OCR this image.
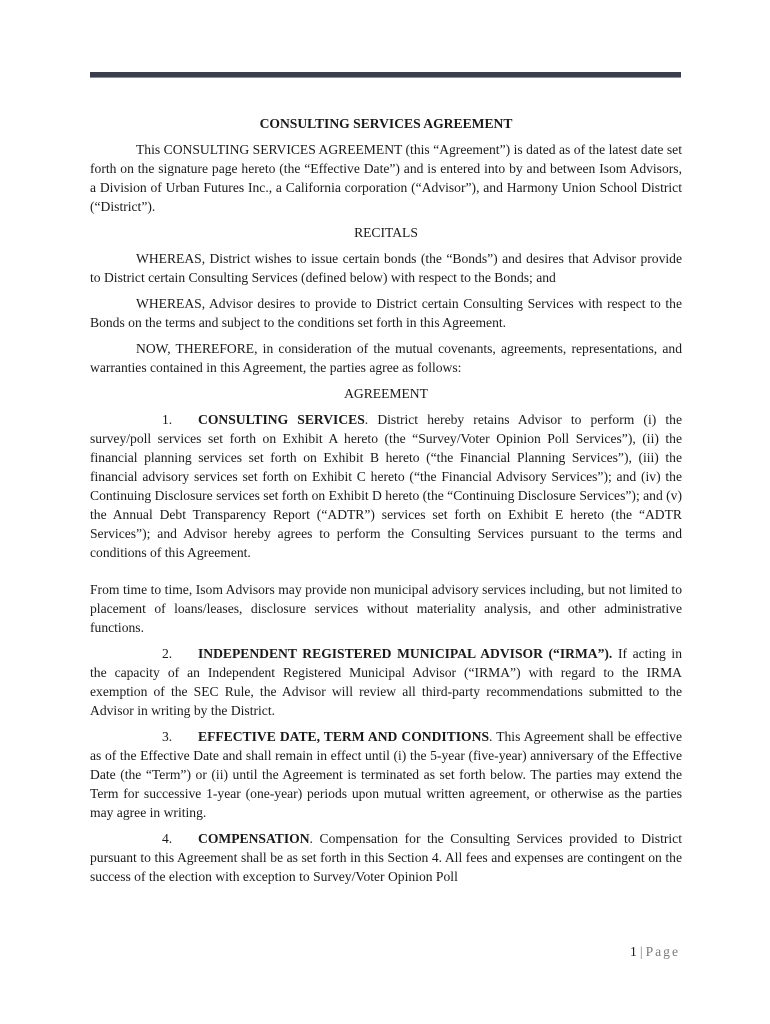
CONSULTING SERVICES AGREEMENT

This CONSULTING SERVICES AGREEMENT (this “Agreement”) is dated as of the latest date set forth on the signature page hereto (the “Effective Date”) and is entered into by and between Isom Advisors, a Division of Urban Futures Inc., a California corporation (“Advisor”), and Harmony Union School District (“District”).

RECITALS

WHEREAS, District wishes to issue certain bonds (the “Bonds”) and desires that Advisor provide to District certain Consulting Services (defined below) with respect to the Bonds; and

WHEREAS, Advisor desires to provide to District certain Consulting Services with respect to the Bonds on the terms and subject to the conditions set forth in this Agreement.

NOW, THEREFORE, in consideration of the mutual covenants, agreements, representations, and warranties contained in this Agreement, the parties agree as follows:

AGREEMENT

1. CONSULTING SERVICES. District hereby retains Advisor to perform (i) the survey/poll services set forth on Exhibit A hereto (the “Survey/Voter Opinion Poll Services”), (ii) the financial planning services set forth on Exhibit B hereto (“the Financial Planning Services”), (iii) the financial advisory services set forth on Exhibit C hereto (“the Financial Advisory Services”); and (iv) the Continuing Disclosure services set forth on Exhibit D hereto (the “Continuing Disclosure Services”); and (v) the Annual Debt Transparency Report (“ADTR”) services set forth on Exhibit E hereto (the “ADTR Services”); and Advisor hereby agrees to perform the Consulting Services pursuant to the terms and conditions of this Agreement.

From time to time, Isom Advisors may provide non municipal advisory services including, but not limited to placement of loans/leases, disclosure services without materiality analysis, and other administrative functions.

2. INDEPENDENT REGISTERED MUNICIPAL ADVISOR (“IRMA”). If acting in the capacity of an Independent Registered Municipal Advisor (“IRMA”) with regard to the IRMA exemption of the SEC Rule, the Advisor will review all third-party recommendations submitted to the Advisor in writing by the District.

3. EFFECTIVE DATE, TERM AND CONDITIONS. This Agreement shall be effective as of the Effective Date and shall remain in effect until (i) the 5-year (five-year) anniversary of the Effective Date (the “Term”) or (ii) until the Agreement is terminated as set forth below. The parties may extend the Term for successive 1-year (one-year) periods upon mutual written agreement, or otherwise as the parties may agree in writing.

4. COMPENSATION. Compensation for the Consulting Services provided to District pursuant to this Agreement shall be as set forth in this Section 4. All fees and expenses are contingent on the success of the election with exception to Survey/Voter Opinion Poll

1 | Page
